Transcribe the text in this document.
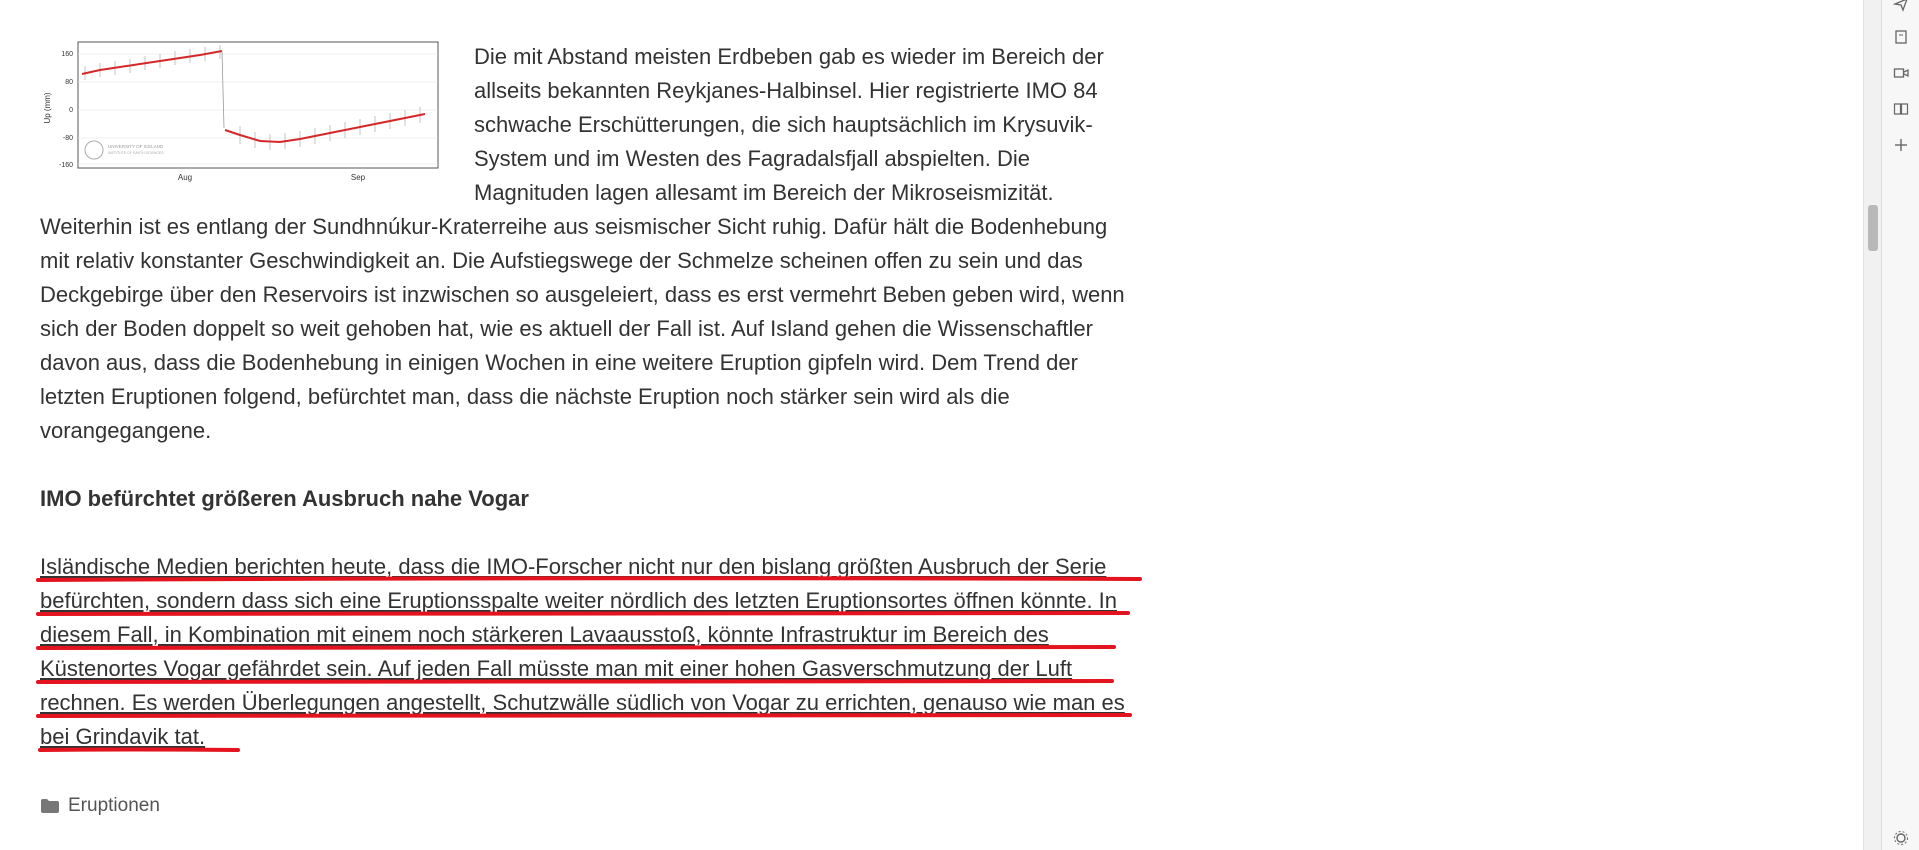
Up (mm)
160
80
0
-80
-160
Aug	Sep
UNIVERSITY OF ICELAND
INSTITUTE OF EARTH SCIENCES

Die mit Abstand meisten Erdbeben gab es wieder im Bereich der allseits bekannten Reykjanes-Halbinsel. Hier registrierte IMO 84 schwache Erschütterungen, die sich hauptsächlich im Krysuvik-System und im Westen des Fagradalsfjall abspielten. Die Magnituden lagen allesamt im Bereich der Mikroseismizität. Weiterhin ist es entlang der Sundhnúkur-Kraterreihe aus seismischer Sicht ruhig. Dafür hält die Bodenhebung mit relativ konstanter Geschwindigkeit an. Die Aufstiegswege der Schmelze scheinen offen zu sein und das Deckgebirge über den Reservoirs ist inzwischen so ausgeleiert, dass es erst vermehrt Beben geben wird, wenn sich der Boden doppelt so weit gehoben hat, wie es aktuell der Fall ist. Auf Island gehen die Wissenschaftler davon aus, dass die Bodenhebung in einigen Wochen in eine weitere Eruption gipfeln wird. Dem Trend der letzten Eruptionen folgend, befürchtet man, dass die nächste Eruption noch stärker sein wird als die vorangegangene.

IMO befürchtet größeren Ausbruch nahe Vogar

Isländische Medien berichten heute, dass die IMO-Forscher nicht nur den bislang größten Ausbruch der Serie befürchten, sondern dass sich eine Eruptionsspalte weiter nördlich des letzten Eruptionsortes öffnen könnte. In diesem Fall, in Kombination mit einem noch stärkeren Lavaausstoß, könnte Infrastruktur im Bereich des Küstenortes Vogar gefährdet sein. Auf jeden Fall müsste man mit einer hohen Gasverschmutzung der Luft rechnen. Es werden Überlegungen angestellt, Schutzwälle südlich von Vogar zu errichten, genauso wie man es bei Grindavik tat.

Eruptionen
